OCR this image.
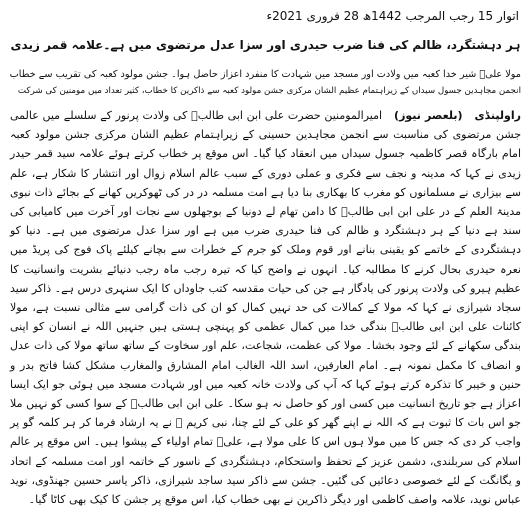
اتوار 15 رجب المرجب 1442ھ 28 فروری 2021ء
ہر دہشتگرد، ظالم کی فنا ضرب حیدری اور سزا عدل مرتضوی میں ہے۔علامہ قمر زیدی
مولا علیؑ شیر خدا کعبہ میں ولادت اور مسجد میں شہادت کا منفرد اعزاز حاصل ہوا۔ جشن مولود کعبہ کی تقریب سے خطاب
انجمن مجاہدین جسول سیداں کے زیراہتمام عظیم الشان مرکزی جشن مولود کعبہ سے ذاکرین کا خطاب، کثیر تعداد میں مومنین کی شرکت
راولپنڈی(بلعصر نیوز)امیرالمومنین حضرت علی ابن ابی طالبؑ کی ولادت پرنور کے سلسلے میں عالمی جشن مرتضوی کی مناسبت سے انجمن مجاہدین حسینی کے زیراہتمام عظیم الشان مرکزی جشن مولود کعبہ امام بارگاہ قصر کاظمیہ جسول سیداں میں انعقاد کیا گیا۔ اس موقع پر خطاب کرتے ہوئے علامہ سید قمر حیدر زیدی نے کہا کہ مدینہ و نجف سے فکری و عملی دوری کے سبب عالم اسلام زوال اور انتشار کا شکار ہے، علم سے بیزاری نے مسلمانوں کو مغرب کا بھکاری بنا دیا ہے امت مسلمہ در در کی ٹھوکریں کھانے کے بجائے ذات نبوی مدینۃ العلم کے در علی ابن ابی طالبؑ کا دامن تھام لے دونیا کے بوجھلوں سے نجات اور آخرت میں کامیابی کی سند ہے دنیا کے ہر دہشتگرد و ظالم کی فنا حیدری ضرب میں ہے اور سزا عدل مرتضوی میں ہے۔ دنیا کو دہشتگردی کے خاتمے کو یقینی بنانے اور قوم وملک کو جرم کے خطرات سے بچانے کیلئے پاک فوج کی پریڈ میں نعرہ حیدری بحال کرنے کا مطالبہ کیا۔ انہوں نے واضح کیا کہ تیرہ رجب ماہ رجب دنیائے بشریت وانسانیت کا عظیم ہیرو کی ولادت پرنور کی یادگار ہے جن کی حیات مقدسہ کتب جاوداں کا ایک سنہری درس ہے۔ ذاکر سید سجاد شیرازی نے کہا کہ مولا کے کمالات کی حد نہیں کمال کو ان کی ذات گرامی سے مثالی نسبت ہے، مولا کائنات علی ابن ابی طالبؑ بندگی خدا میں کمال عظمی کو پہنچی ہستی ہیں جنہیں اللہ نے انسان کو اپنی بندگی سکھانے کے لئے وجود بخشا۔ مولا کی عظمت، شجاعت، علم اور سخاوت کے ساتھ ساتھ مولا کی ذات عدل و انصاف کا مکمل نمونہ ہے۔ امام العارفین، اسد اللہ الغالب امام المشارق والمغارب مشکل کشا فاتح بدر و حنین و خیبر کا تذکرہ کرتے ہوئے کہا کہ آپ کی ولادت خانہ کعبہ میں اور شہادت مسجد میں ہوئی جو ایک ایسا اعزاز ہے جو تاریخ انسانیت میں کسی اور کو حاصل نہ ہو سکا۔ علی ابن ابی طالبؑ کے سوا کسی کو نہیں ملا جو اس بات کا ثبوت ہے کہ اللہ نے اپنے گھر کو علی کے لئے چنا، نبی کریم ؐ نے یہ ارشاد فرما کر ہر کلمہ گو پر واجب کر دی کہ جس کا میں مولا ہوں اس کا علی مولا ہے، علیؑ تمام اولیاء کے پیشوا ہیں۔ اس موقع پر عالم اسلام کی سربلندی، دشمن عزیز کے تحفظ واستحکام، دہشتگردی کے ناسور کے خاتمہ اور امت مسلمہ کے اتحاد و یگانگت کے لئے خصوصی دعائیں کی گئیں۔ جشن سے ذاکر سید ساجد شیرازی، ذاکر یاسر حسین جھنڈوی، نوید عباس نوید، علامہ واصف کاظمی اور دیگر ذاکرین نے بھی خطاب کیا، اس موقع پر جشن کا کیک بھی کاٹا گیا۔
